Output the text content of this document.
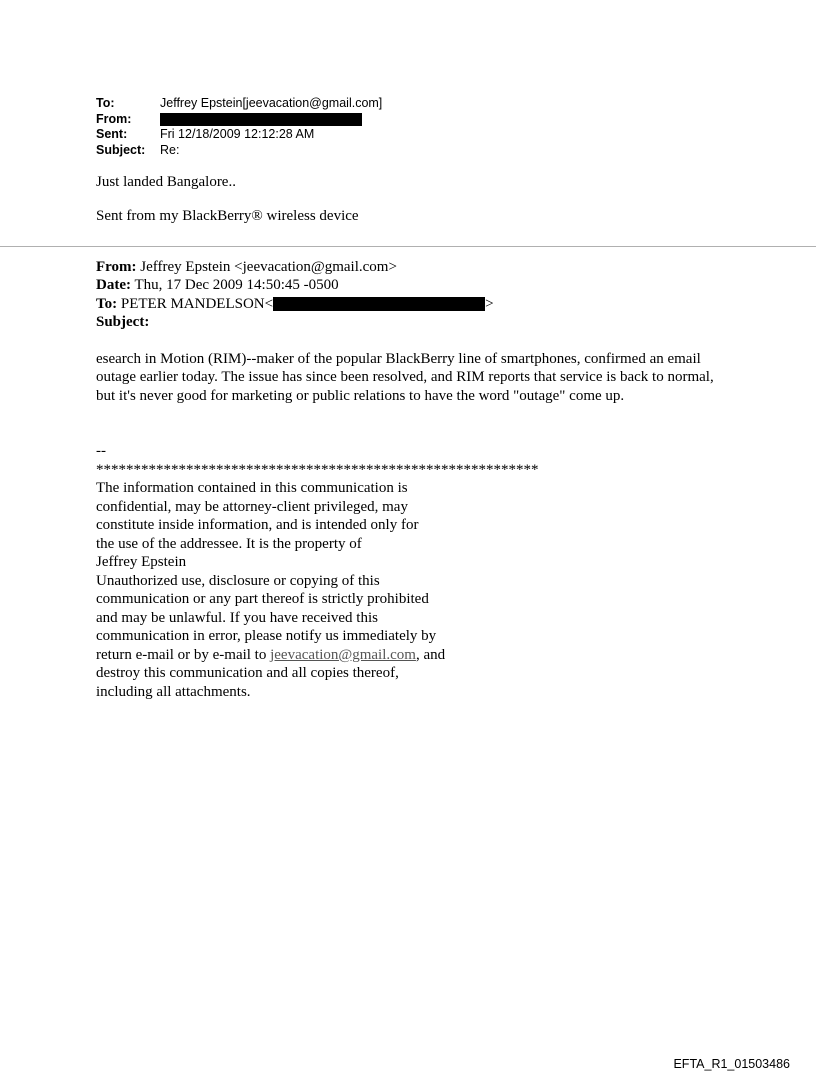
To:	Jeffrey Epstein[jeevacation@gmail.com]
From:
Sent:	Fri 12/18/2009 12:12:28 AM
Subject:	Re:
Just landed Bangalore..
Sent from my BlackBerry® wireless device
From: Jeffrey Epstein <jeevacation@gmail.com>
Date: Thu, 17 Dec 2009 14:50:45 -0500
To: PETER MANDELSON<	>
Subject:
esearch in Motion (RIM)--maker of the popular BlackBerry line of smartphones, confirmed an email outage earlier today. The issue has since been resolved, and RIM reports that service is back to normal, but it's never good for marketing or public relations to have the word "outage" come up.
--
***********************************************************
The information contained in this communication is
confidential, may be attorney-client privileged, may
constitute inside information, and is intended only for
the use of the addressee. It is the property of
Jeffrey Epstein
Unauthorized use, disclosure or copying of this
communication or any part thereof is strictly prohibited
and may be unlawful. If you have received this
communication in error, please notify us immediately by
return e-mail or by e-mail to jeevacation@gmail.com, and
destroy this communication and all copies thereof,
including all attachments.
EFTA_R1_01503486
